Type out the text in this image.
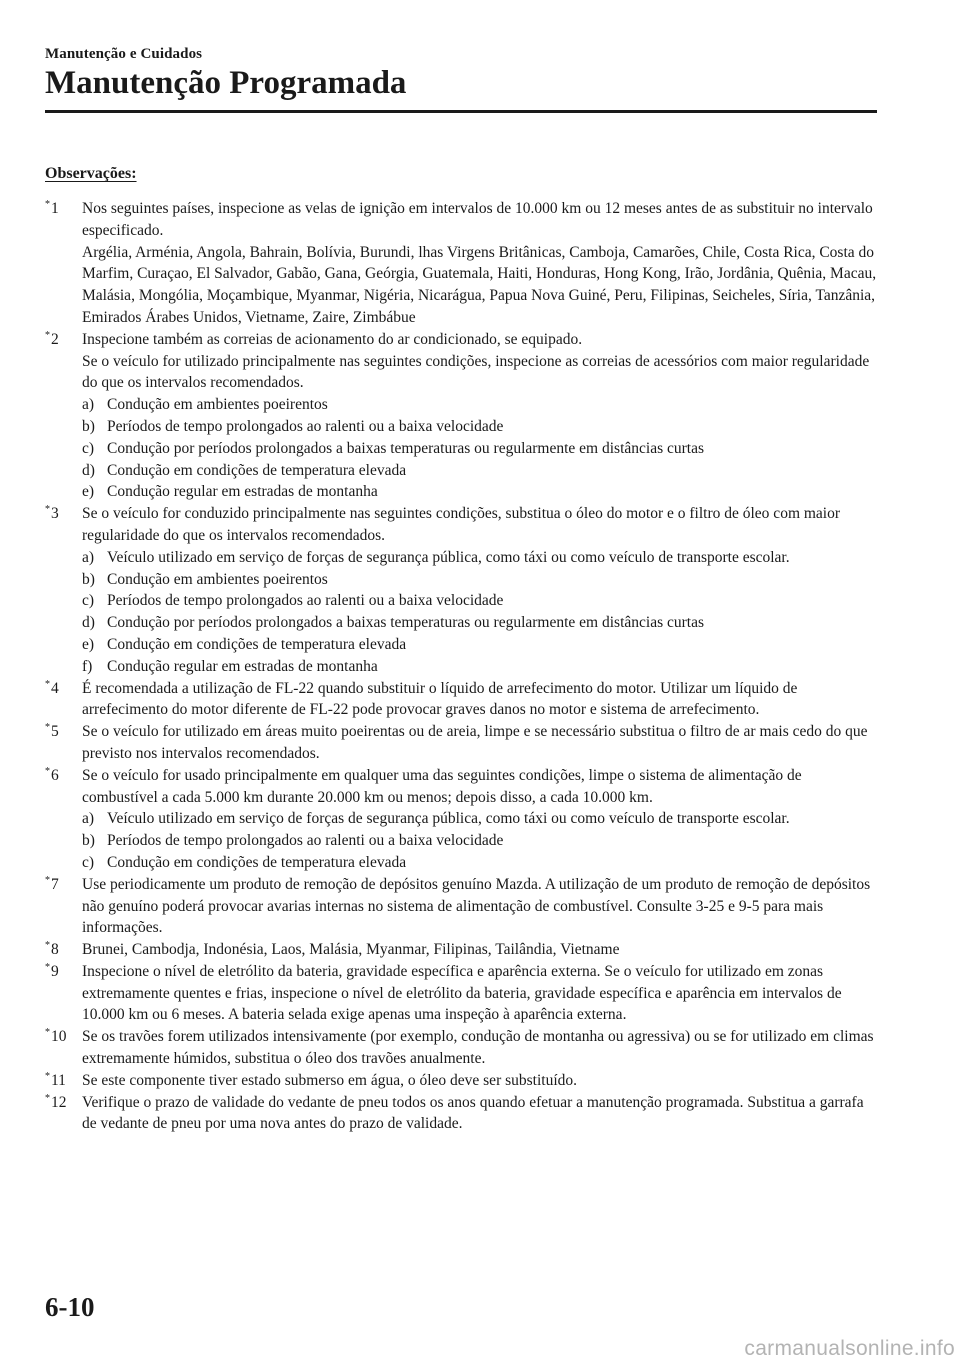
Manutenção e Cuidados
Manutenção Programada
Observações:
*1 Nos seguintes países, inspecione as velas de ignição em intervalos de 10.000 km ou 12 meses antes de as substituir no intervalo especificado.

Argélia, Arménia, Angola, Bahrain, Bolívia, Burundi, lhas Virgens Britânicas, Camboja, Camarões, Chile, Costa Rica, Costa do Marfim, Curaçao, El Salvador, Gabão, Gana, Geórgia, Guatemala, Haiti, Honduras, Hong Kong, Irão, Jordânia, Quênia, Macau, Malásia, Mongólia, Moçambique, Myanmar, Nigéria, Nicarágua, Papua Nova Guiné, Peru, Filipinas, Seicheles, Síria, Tanzânia, Emirados Árabes Unidos, Vietname, Zaire, Zimbábue

*2 Inspecione também as correias de acionamento do ar condicionado, se equipado.

Se o veículo for utilizado principalmente nas seguintes condições, inspecione as correias de acessórios com maior regularidade do que os intervalos recomendados.

a) Condução em ambientes poeirentos
b) Períodos de tempo prolongados ao ralenti ou a baixa velocidade
c) Condução por períodos prolongados a baixas temperaturas ou regularmente em distâncias curtas
d) Condução em condições de temperatura elevada
e) Condução regular em estradas de montanha
*3 Se o veículo for conduzido principalmente nas seguintes condições, substitua o óleo do motor e o filtro de óleo com maior regularidade do que os intervalos recomendados.

a) Veículo utilizado em serviço de forças de segurança pública, como táxi ou como veículo de transporte escolar.
b) Condução em ambientes poeirentos
c) Períodos de tempo prolongados ao ralenti ou a baixa velocidade
d) Condução por períodos prolongados a baixas temperaturas ou regularmente em distâncias curtas
e) Condução em condições de temperatura elevada
f) Condução regular em estradas de montanha
*4 É recomendada a utilização de FL-22 quando substituir o líquido de arrefecimento do motor. Utilizar um líquido de arrefecimento do motor diferente de FL-22 pode provocar graves danos no motor e sistema de arrefecimento.

*5 Se o veículo for utilizado em áreas muito poeirentas ou de areia, limpe e se necessário substitua o filtro de ar mais cedo do que previsto nos intervalos recomendados.

*6 Se o veículo for usado principalmente em qualquer uma das seguintes condições, limpe o sistema de alimentação de combustível a cada 5.000 km durante 20.000 km ou menos; depois disso, a cada 10.000 km.

a) Veículo utilizado em serviço de forças de segurança pública, como táxi ou como veículo de transporte escolar.
b) Períodos de tempo prolongados ao ralenti ou a baixa velocidade
c) Condução em condições de temperatura elevada
*7 Use periodicamente um produto de remoção de depósitos genuíno Mazda. A utilização de um produto de remoção de depósitos não genuíno poderá provocar avarias internas no sistema de alimentação de combustível. Consulte 3-25 e 9-5 para mais informações.

*8 Brunei, Cambodja, Indonésia, Laos, Malásia, Myanmar, Filipinas, Tailândia, Vietname

*9 Inspecione o nível de eletrólito da bateria, gravidade específica e aparência externa. Se o veículo for utilizado em zonas extremamente quentes e frias, inspecione o nível de eletrólito da bateria, gravidade específica e aparência em intervalos de 10.000 km ou 6 meses. A bateria selada exige apenas uma inspeção à aparência externa.

*10 Se os travões forem utilizados intensivamente (por exemplo, condução de montanha ou agressiva) ou se for utilizado em climas extremamente húmidos, substitua o óleo dos travões anualmente.

*11 Se este componente tiver estado submerso em água, o óleo deve ser substituído.

*12 Verifique o prazo de validade do vedante de pneu todos os anos quando efetuar a manutenção programada. Substitua a garrafa de vedante de pneu por uma nova antes do prazo de validade.

6-10
carmanualsonline.info
